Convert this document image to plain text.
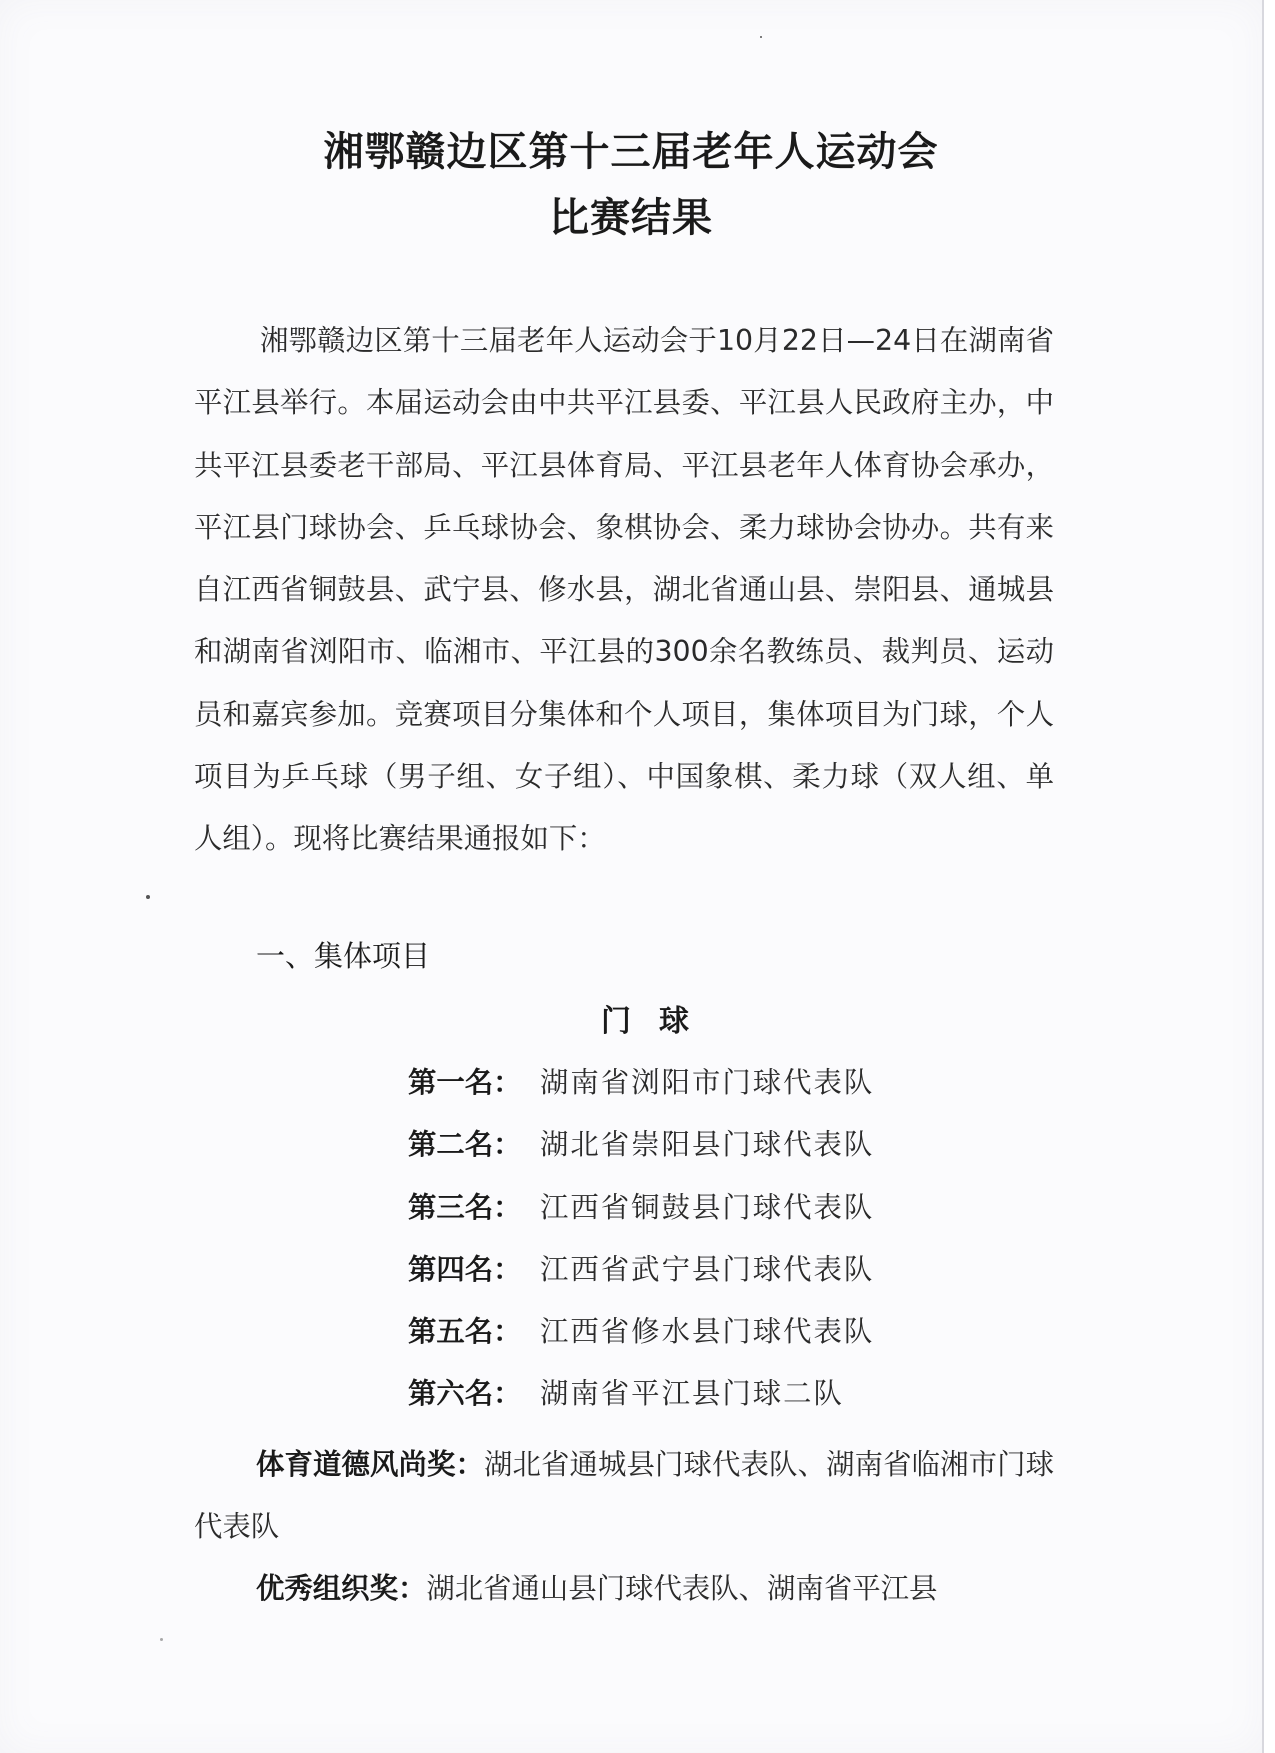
湘鄂赣边区第十三届老年人运动会
比赛结果

湘鄂赣边区第十三届老年人运动会于10月22日—24日在湖南省平江县举行。本届运动会由中共平江县委、平江县人民政府主办，中共平江县委老干部局、平江县体育局、平江县老年人体育协会承办，平江县门球协会、乒乓球协会、象棋协会、柔力球协会协办。共有来自江西省铜鼓县、武宁县、修水县，湖北省通山县、崇阳县、通城县和湖南省浏阳市、临湘市、平江县的300余名教练员、裁判员、运动员和嘉宾参加。竞赛项目分集体和个人项目，集体项目为门球，个人项目为乒乓球（男子组、女子组）、中国象棋、柔力球（双人组、单人组）。现将比赛结果通报如下：

一、集体项目
门球
第一名： 湖南省浏阳市门球代表队
第二名： 湖北省崇阳县门球代表队
第三名： 江西省铜鼓县门球代表队
第四名： 江西省武宁县门球代表队
第五名： 江西省修水县门球代表队
第六名： 湖南省平江县门球二队

体育道德风尚奖：湖北省通城县门球代表队、湖南省临湘市门球代表队

优秀组织奖：湖北省通山县门球代表队、湖南省平江县
